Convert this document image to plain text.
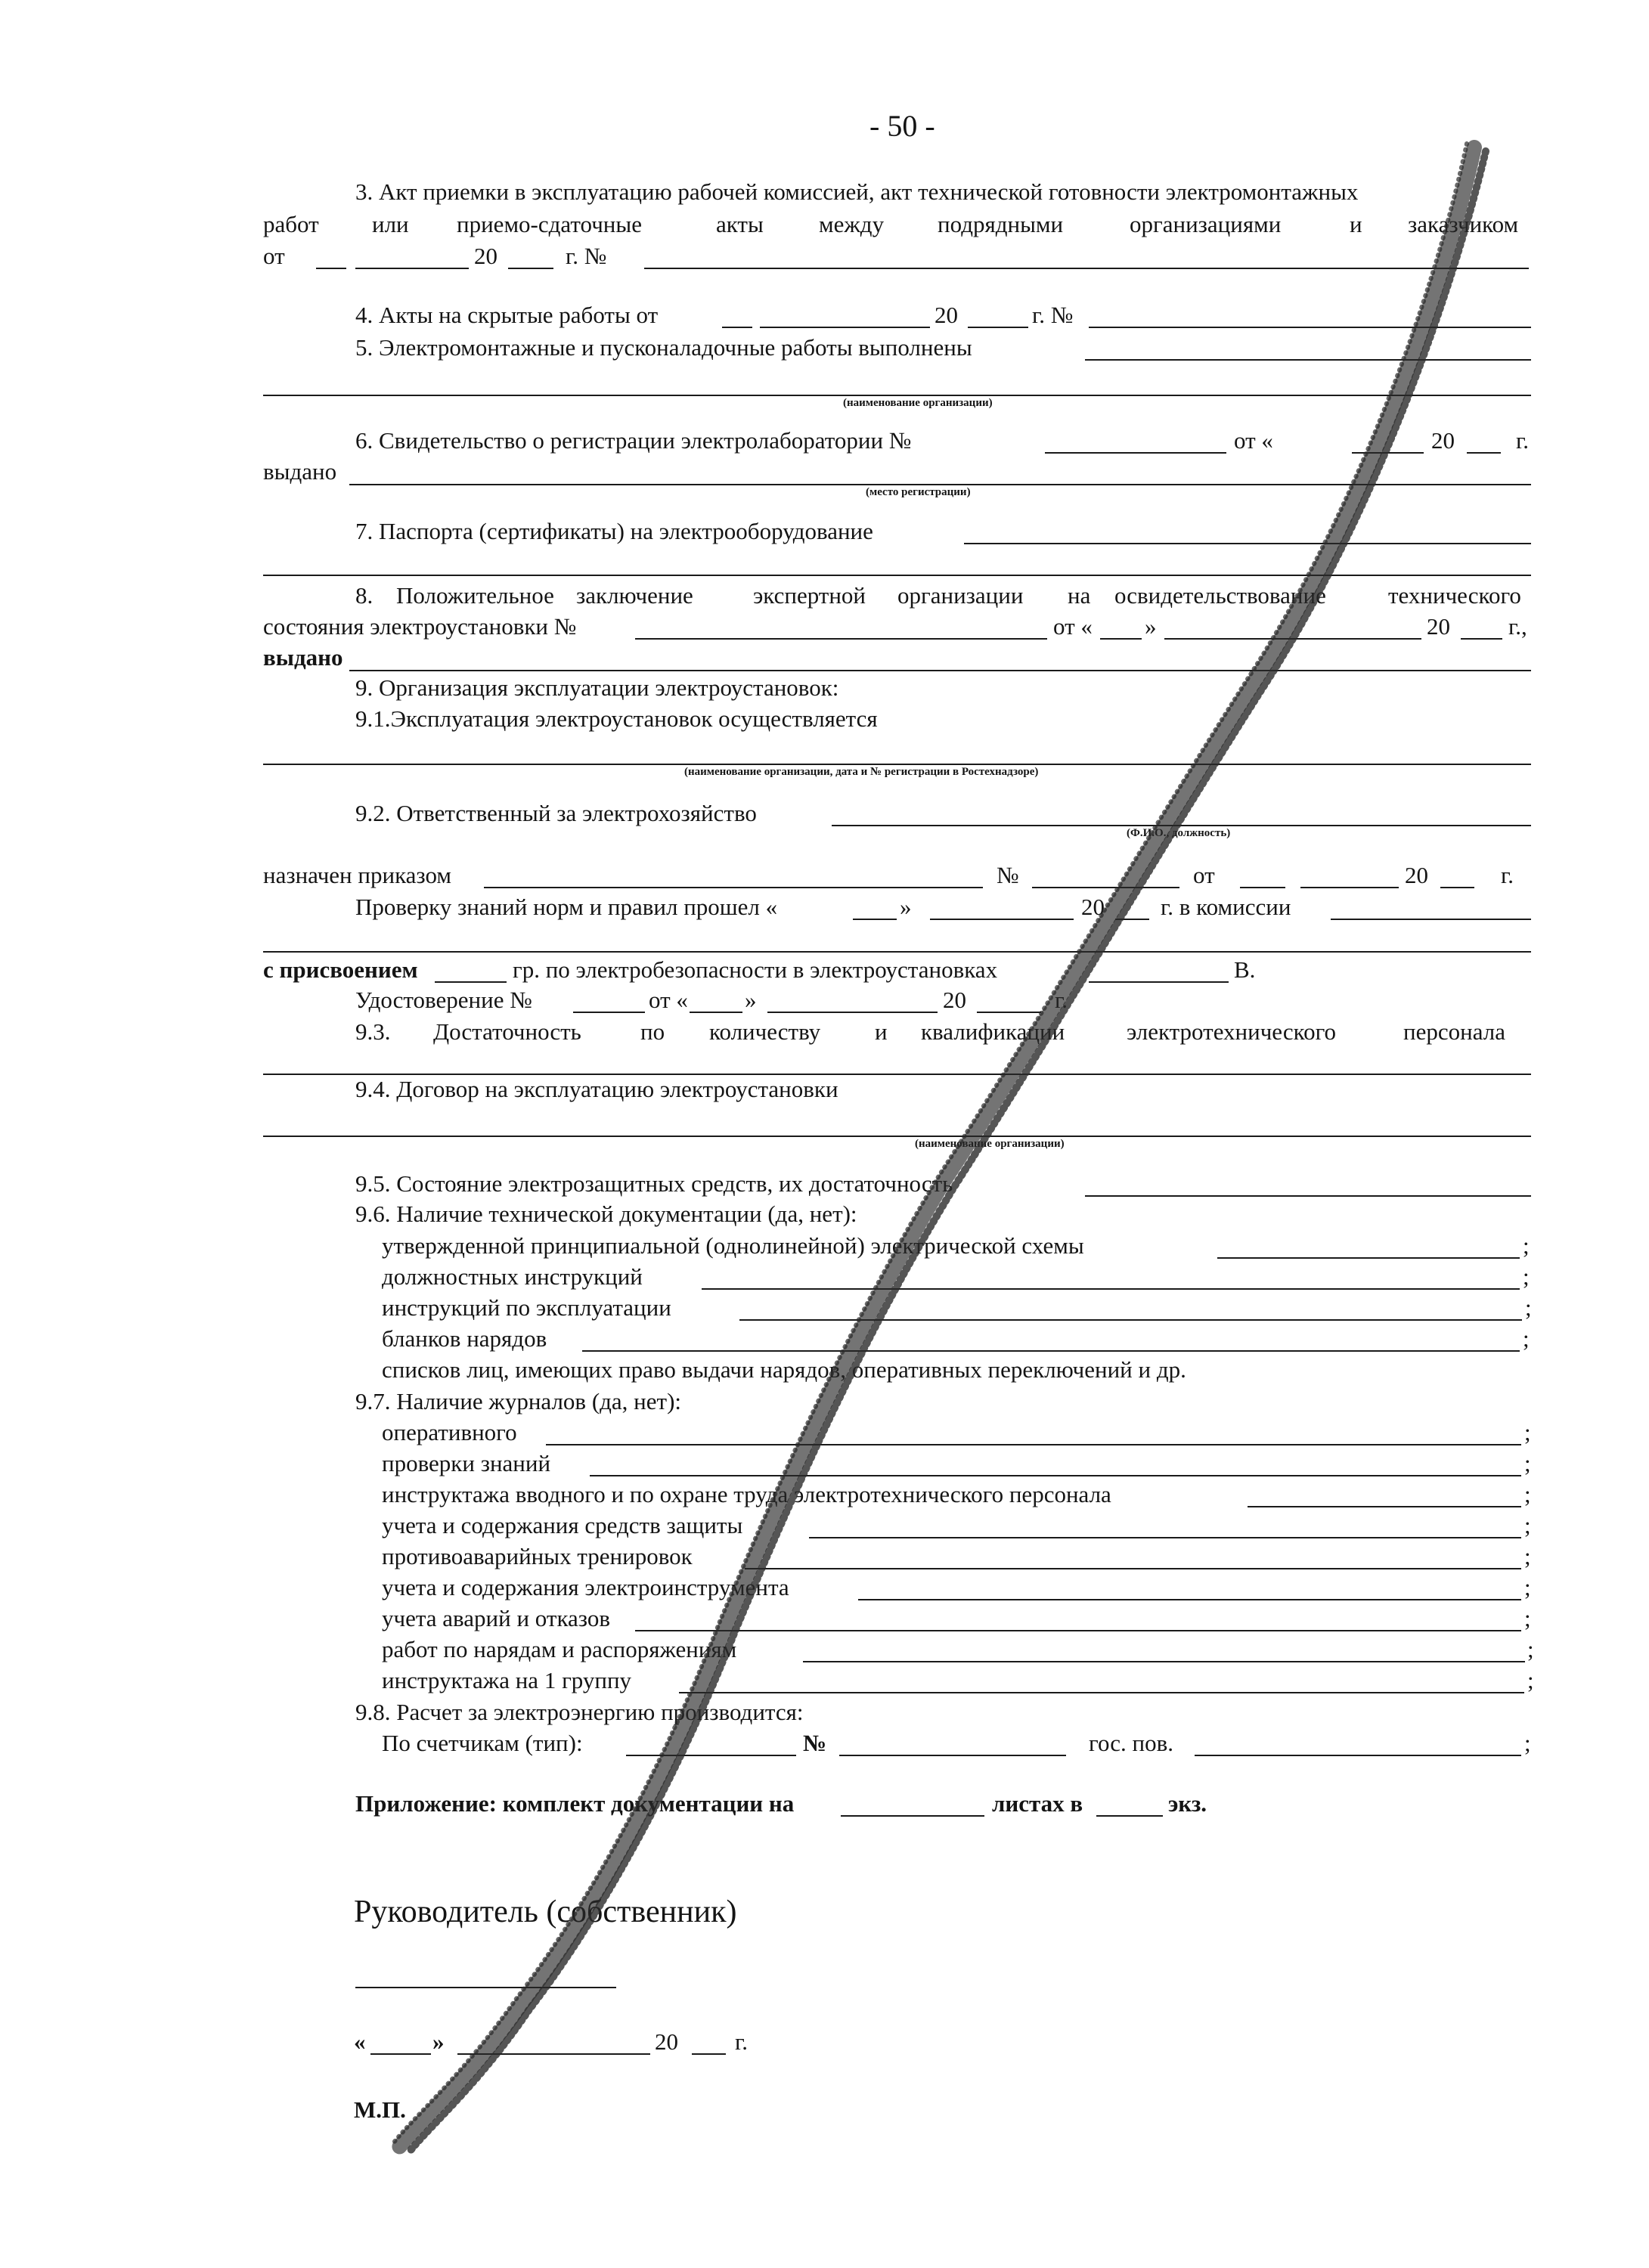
- 50 -
3. Акт приемки в эксплуатацию рабочей комиссией, акт технической готовности электромонтажных
работ или приемо-сдаточные	акты между подрядными	организациями	и заказчиком
от	20	г. №
4. Акты на скрытые работы от	20	г. №
5. Электромонтажные и пусконаладочные работы выполнены
(наименование организации)
6. Свидетельство о регистрации электролаборатории №	от «	20	г.
выдано
(место регистрации)
7. Паспорта (сертификаты) на электрооборудование
8. Положительное заключение	экспертной организации на освидетельствование	технического
состояния электроустановки №	от « »	20 г.,
выдано
9. Организация эксплуатации электроустановок:
9.1.Эксплуатация электроустановок осуществляется
(наименование организации, дата и № регистрации в Ростехнадзоре)
9.2. Ответственный за электрохозяйство
(Ф.И.О., должность)
назначен приказом	№	от	20	г.
Проверку знаний норм и правил прошел «	»	20 г. в комиссии
с присвоением	гр. по электробезопасности в электроустановках	В.
Удостоверение №	от « »	20	г.
9.3. Достаточность	по количеству и квалификации	электротехнического	персонала
9.4. Договор на эксплуатацию электроустановки
(наименование организации)
9.5. Состояние электрозащитных средств, их достаточность
9.6. Наличие технической документации (да, нет):
утвержденной принципиальной (однолинейной) электрической схемы	;
должностных инструкций	;
инструкций по эксплуатации	;
бланков нарядов	;
списков лиц, имеющих право выдачи нарядов, оперативных переключений и др.
9.7. Наличие журналов (да, нет):
оперативного	;
проверки знаний	;
инструктажа вводного и по охране труда электротехнического персонала	;
учета и содержания средств защиты	;
противоаварийных тренировок	;
учета и содержания электроинструмента	;
учета аварий и отказов	;
работ по нарядам и распоряжениям	;
инструктажа на 1 группу	;
9.8. Расчет за электроэнергию производится:
По счетчикам (тип):	№	гос. пов.	;
Приложение: комплект документации на	листах в	экз.
Руководитель (собственник)
«	»	20 г.
М.П.
